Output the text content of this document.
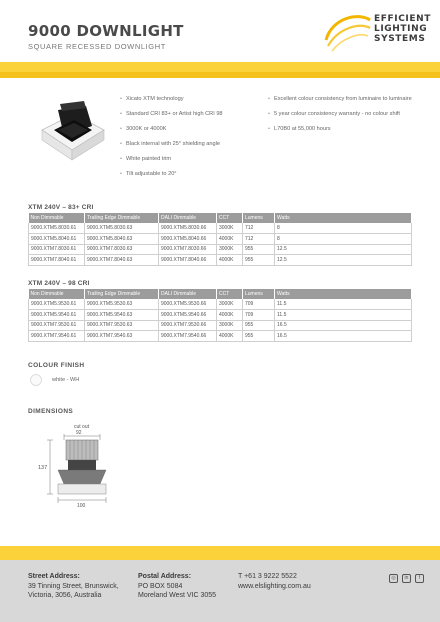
9000 DOWNLIGHT
SQUARE RECESSED DOWNLIGHT
EFFICIENT
LIGHTING
SYSTEMS
• Xicato XTM technology
• Standard CRI 83+ or Artist high CRI 98
• 3000K or 4000K
• Black internal with 25° shielding angle
• White painted trim
• Tilt adjustable to 20°
• Excellent colour consistency from luminaire to luminaire
• 5 year colour consistency warranty - no colour shift
• L70B0 at 55,000 hours
XTM 240V – 83+ CRI
Non Dimmable	Trailing Edge Dimmable	DALI Dimmable	CCT	Lumens	Watts
9000.XTM5.8030.61	9000.XTM5.8030.63	9000.XTM5.8030.66	3000K	712	8
9000.XTM5.8040.61	9000.XTM5.8040.63	9000.XTM5.8040.66	4000K	712	8
9000.XTM7.8030.61	9000.XTM7.8030.63	9000.XTM7.8030.66	3000K	955	12.5
9000.XTM7.8040.61	9000.XTM7.8040.63	9000.XTM7.8040.66	4000K	955	12.5
XTM 240V – 98 CRI
Non Dimmable	Trailing Edge Dimmable	DALI Dimmable	CCT	Lumens	Watts
9000.XTM5.9530.61	9000.XTM5.9530.63	9000.XTM5.9530.66	3000K	709	11.5
9000.XTM5.9540.61	9000.XTM5.9540.63	9000.XTM5.9540.66	4000K	709	11.5
9000.XTM7.9530.61	9000.XTM7.9530.63	9000.XTM7.9530.66	3000K	955	16.5
9000.XTM7.9540.61	9000.XTM7.9540.63	9000.XTM7.9540.66	4000K	955	16.5
COLOUR FINISH
white - WH
DIMENSIONS
cut out
92
137
100
Street Address:
39 Tinning Street, Brunswick,
Victoria, 3056, Australia
Postal Address:
PO BOX 5084
Moreland West VIC 3055
T +61 3 9222 5522
www.elslighting.com.au
◎	in	f
